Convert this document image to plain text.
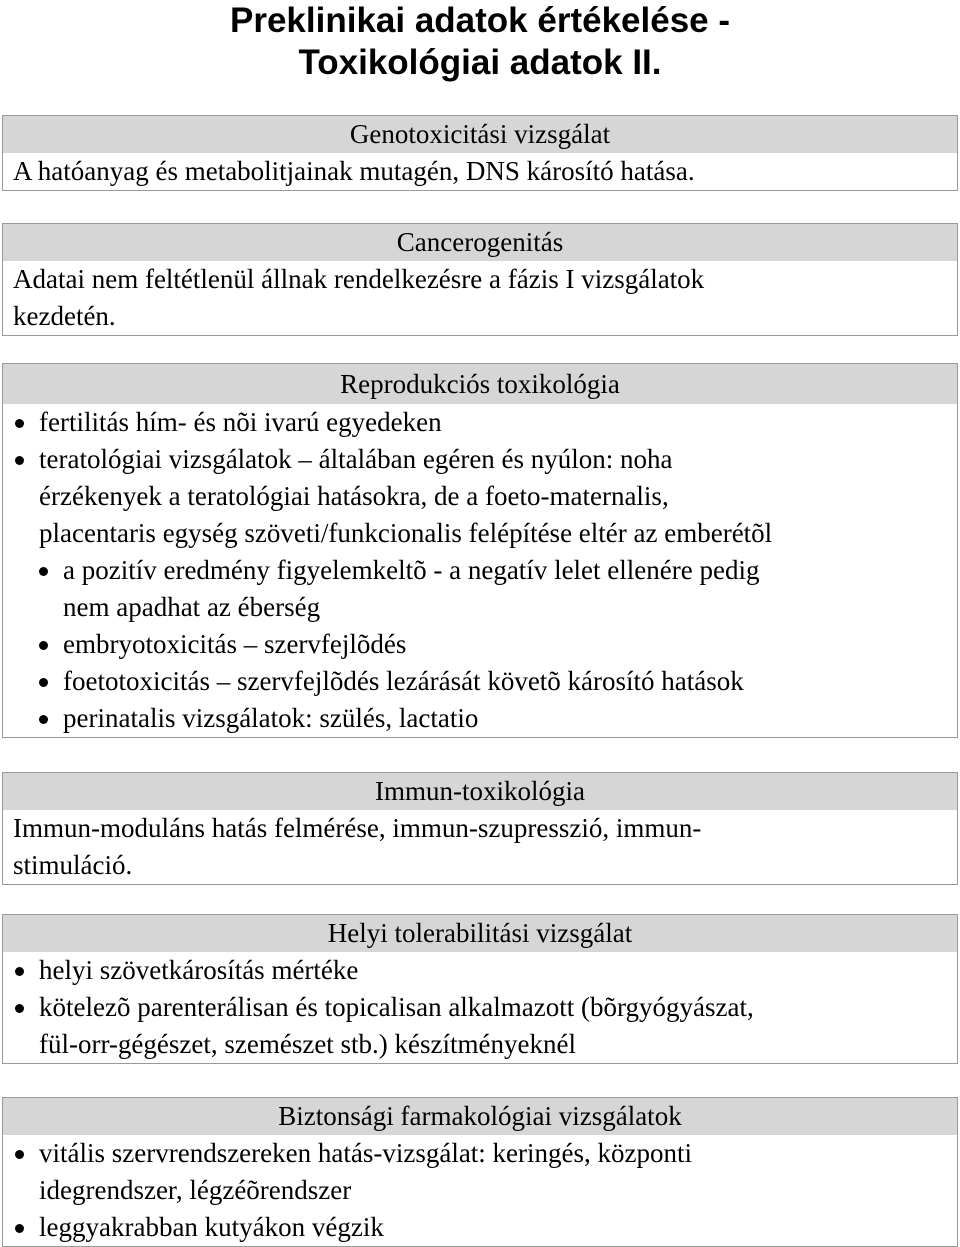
Preklinikai adatok értékelése -
Toxikológiai adatok II.
Genotoxicitási vizsgálat
A hatóanyag és metabolitjainak mutagén, DNS károsító hatása.
Cancerogenitás
Adatai nem feltétlenül állnak rendelkezésre a fázis I vizsgálatok
kezdetén.
Reprodukciós toxikológia
fertilitás hím- és nõi ivarú egyedeken
teratológiai vizsgálatok – általában egéren és nyúlon: noha
érzékenyek a teratológiai hatásokra, de a foeto-maternalis,
placentaris egység szöveti/funkcionalis felépítése eltér az emberétõl
a pozitív eredmény figyelemkeltõ - a negatív lelet ellenére pedig
nem apadhat az éberség
embryotoxicitás – szervfejlõdés
foetotoxicitás – szervfejlõdés lezárását követõ károsító hatások
perinatalis vizsgálatok: szülés, lactatio
Immun-toxikológia
Immun-moduláns hatás felmérése, immun-szupresszió, immun-
stimuláció.
Helyi tolerabilitási vizsgálat
helyi szövetkárosítás mértéke
kötelezõ parenterálisan és topicalisan alkalmazott (bõrgyógyászat,
fül-orr-gégészet, szemészet stb.) készítményeknél
Biztonsági farmakológiai vizsgálatok
vitális szervrendszereken hatás-vizsgálat: keringés, központi
idegrendszer, légzéõrendszer
leggyakrabban kutyákon végzik
